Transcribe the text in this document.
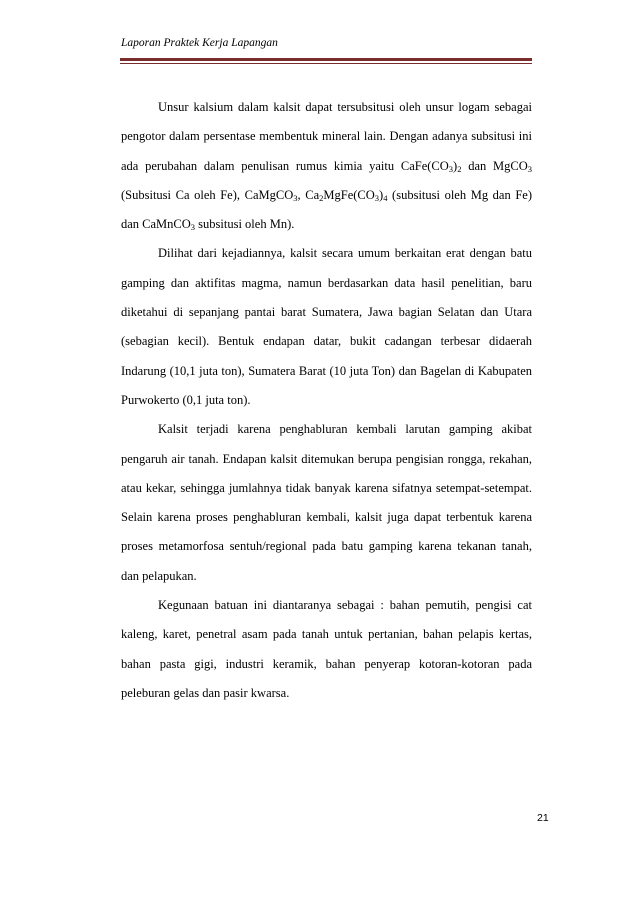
Laporan Praktek Kerja Lapangan

Unsur kalsium dalam kalsit dapat tersubsitusi oleh unsur logam sebagai pengotor dalam persentase membentuk mineral lain. Dengan adanya subsitusi ini ada perubahan dalam penulisan rumus kimia yaitu $CaFe(CO_3)_2$ dan MgCO$_3$ (Subsitusi Ca oleh Fe), CaMgCO$_3$, $Ca_2MgFe(CO_3)_4$ (subsitusi oleh Mg dan Fe) dan CaMnCO$_3$ subsitusi oleh Mn).

Dilihat dari kejadiannya, kalsit secara umum berkaitan erat dengan batu gamping dan aktifitas magma, namun berdasarkan data hasil penelitian, baru diketahui di sepanjang pantai barat Sumatera, Jawa bagian Selatan dan Utara (sebagian kecil). Bentuk endapan datar, bukit cadangan terbesar didaerah Indarung (10,1 juta ton), Sumatera Barat (10 juta Ton) dan Bagelan di Kabupaten Purwokerto (0,1 juta ton).

Kalsit terjadi karena penghabluran kembali larutan gamping akibat pengaruh air tanah. Endapan kalsit ditemukan berupa pengisian rongga, rekahan, atau kekar, sehingga jumlahnya tidak banyak karena sifatnya setempat-setempat. Selain karena proses penghabluran kembali, kalsit juga dapat terbentuk karena proses metamorfosa sentuh/regional pada batu gamping karena tekanan tanah, dan pelapukan.

Kegunaan batuan ini diantaranya sebagai : bahan pemutih, pengisi cat kaleng, karet, penetral asam pada tanah untuk pertanian, bahan pelapis kertas, bahan pasta gigi, industri keramik, bahan penyerap kotoran-kotoran pada peleburan gelas dan pasir kwarsa.

21
